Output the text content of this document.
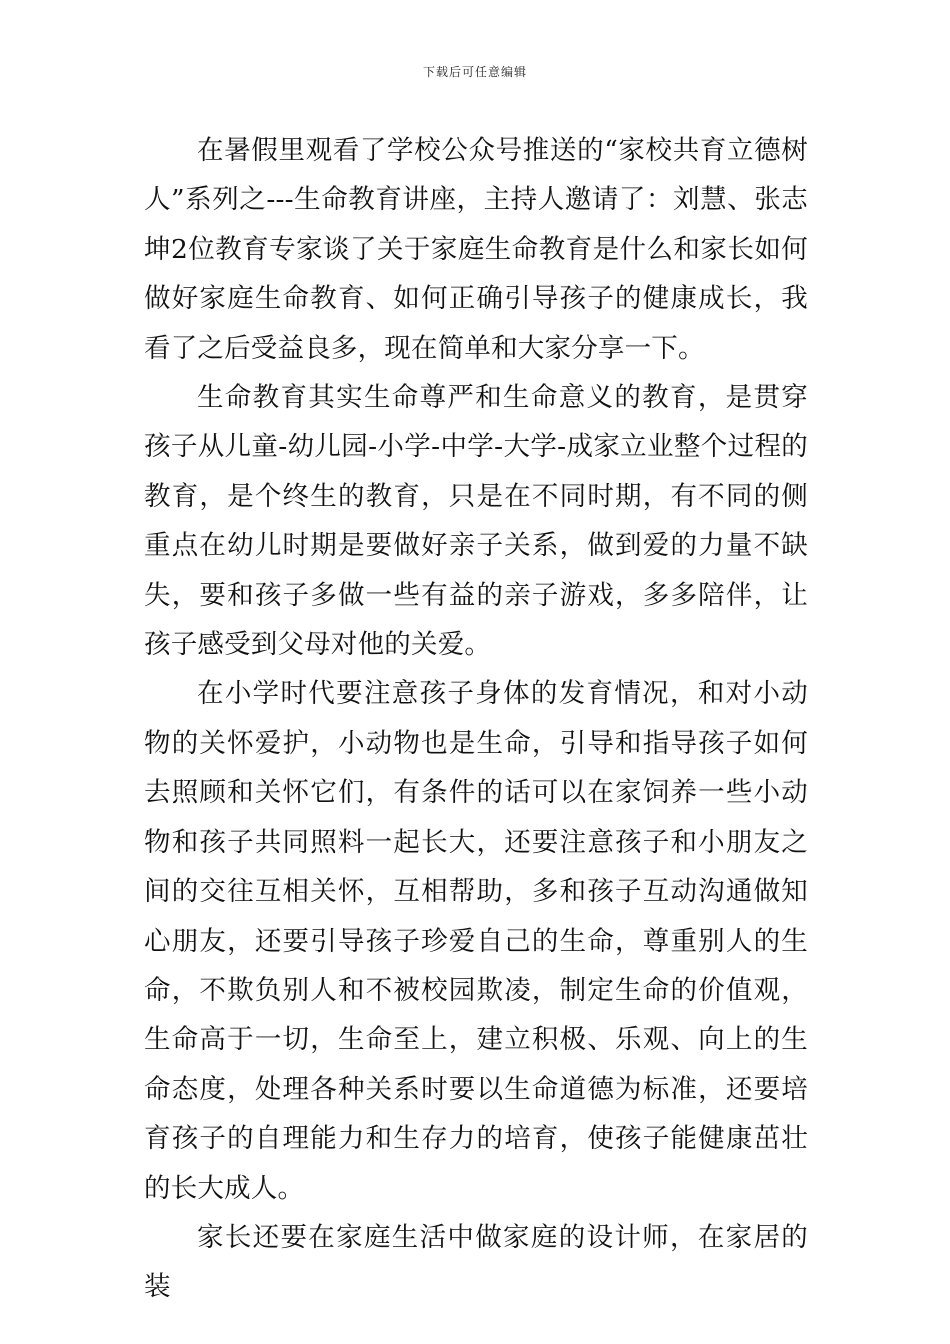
下载后可任意编辑

在暑假里观看了学校公众号推送的“家校共育立德树人”系列之---生命教育讲座，主持人邀请了：刘慧、张志坤2位教育专家谈了关于家庭生命教育是什么和家长如何做好家庭生命教育、如何正确引导孩子的健康成长，我看了之后受益良多，现在简单和大家分享一下。

生命教育其实生命尊严和生命意义的教育，是贯穿孩子从儿童-幼儿园-小学-中学-大学-成家立业整个过程的教育，是个终生的教育，只是在不同时期，有不同的侧重点在幼儿时期是要做好亲子关系，做到爱的力量不缺失，要和孩子多做一些有益的亲子游戏，多多陪伴，让孩子感受到父母对他的关爱。

在小学时代要注意孩子身体的发育情况，和对小动物的关怀爱护，小动物也是生命，引导和指导孩子如何去照顾和关怀它们，有条件的话可以在家饲养一些小动物和孩子共同照料一起长大，还要注意孩子和小朋友之间的交往互相关怀，互相帮助，多和孩子互动沟通做知心朋友，还要引导孩子珍爱自己的生命，尊重别人的生命，不欺负别人和不被校园欺凌，制定生命的价值观，生命高于一切，生命至上，建立积极、乐观、向上的生命态度，处理各种关系时要以生命道德为标准，还要培育孩子的自理能力和生存力的培育，使孩子能健康茁壮的长大成人。

家长还要在家庭生活中做家庭的设计师，在家居的装
